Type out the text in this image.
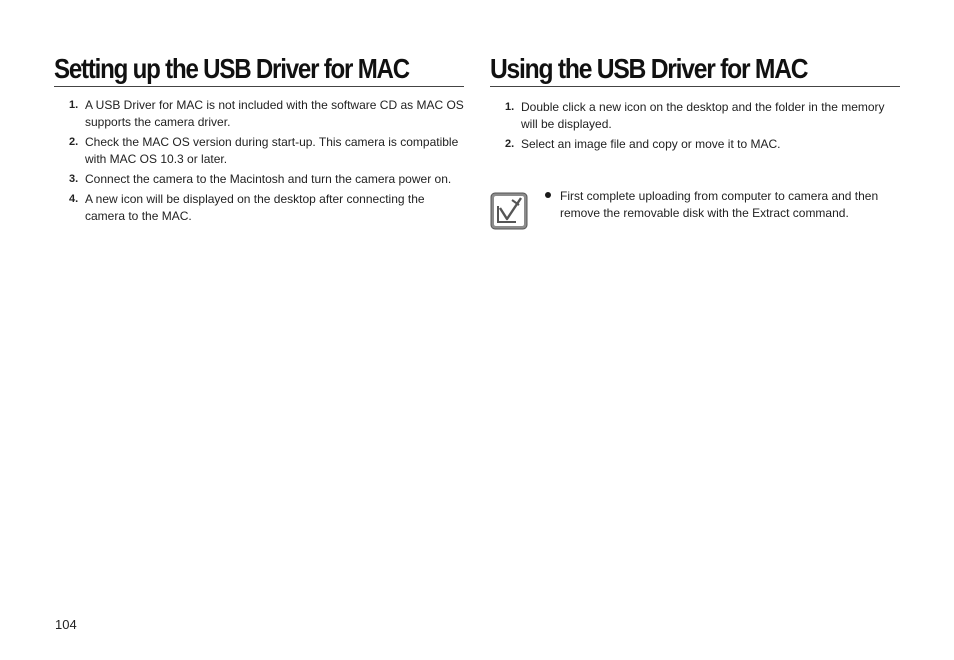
Setting up the USB Driver for MAC
1. A USB Driver for MAC is not included with the software CD as MAC OS supports the camera driver.
2. Check the MAC OS version during start-up. This camera is compatible with MAC OS 10.3 or later.
3. Connect the camera to the Macintosh and turn the camera power on.
4. A new icon will be displayed on the desktop after connecting the camera to the MAC.
Using the USB Driver for MAC
1. Double click a new icon on the desktop and the folder in the memory will be displayed.
2. Select an image file and copy or move it to MAC.
First complete uploading from computer to camera and then remove the removable disk with the Extract command.
104
